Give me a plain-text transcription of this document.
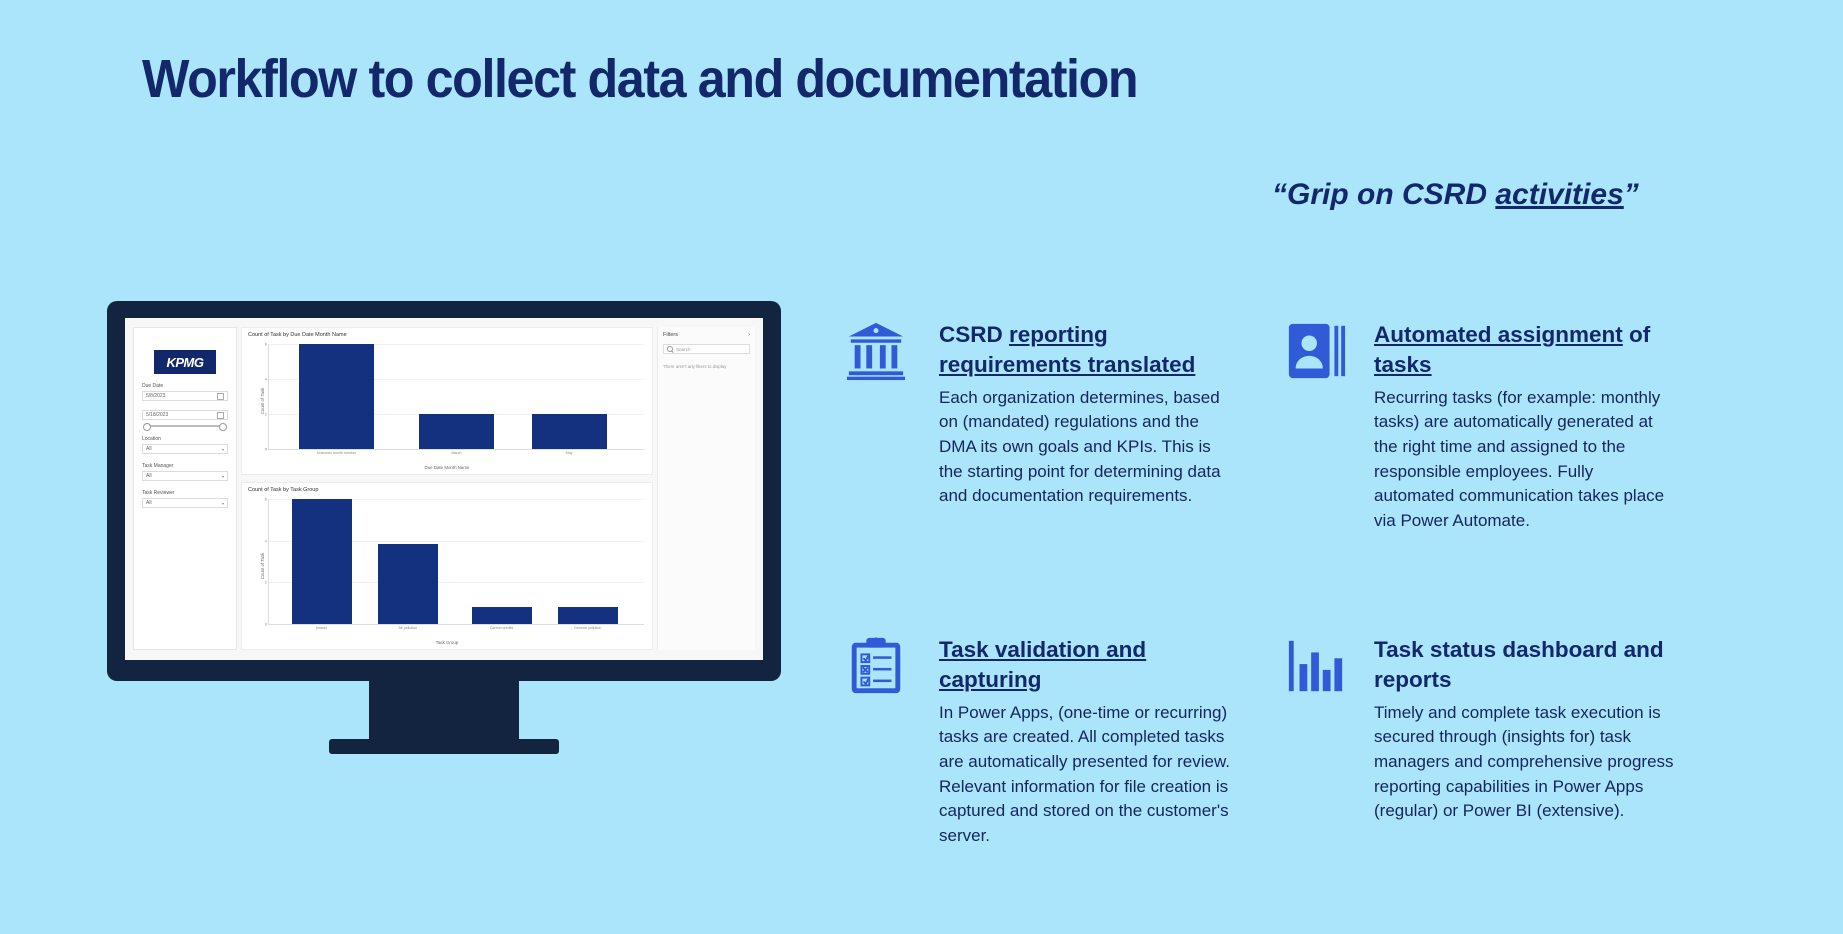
Workflow to collect data and documentation
“Grip on CSRD activities”
KPMG
Due Date
5/8/2023
5/18/2023
Location
All	▾
Task Manager
All	▾
Task Reviewer
All	▾
Count of Task by Due Date Month Name
Count of Task
0
2
4
6
Unknown month number	March	May
Due Date Month Name
Count of Task by Task Group
Count of Task
0
2
4
6
(blank)	Air pollution	Carbon credits	General pollution
Task Group
Filters	›
Search
There aren't any filters to display
CSRD reporting requirements translated

Each organization determines, based on (mandated) regulations and the DMA its own goals and KPIs. This is the starting point for determining data and documentation requirements.

Automated assignment of tasks

Recurring tasks (for example: monthly tasks) are automatically generated at the right time and assigned to the responsible employees. Fully automated communication takes place via Power Automate.

Task validation and capturing

In Power Apps, (one-time or recurring) tasks are created. All completed tasks are automatically presented for review. Relevant information for file creation is captured and stored on the customer's server.

Task status dashboard and reports

Timely and complete task execution is secured through (insights for) task managers and comprehensive progress reporting capabilities in Power Apps (regular) or Power BI (extensive).
